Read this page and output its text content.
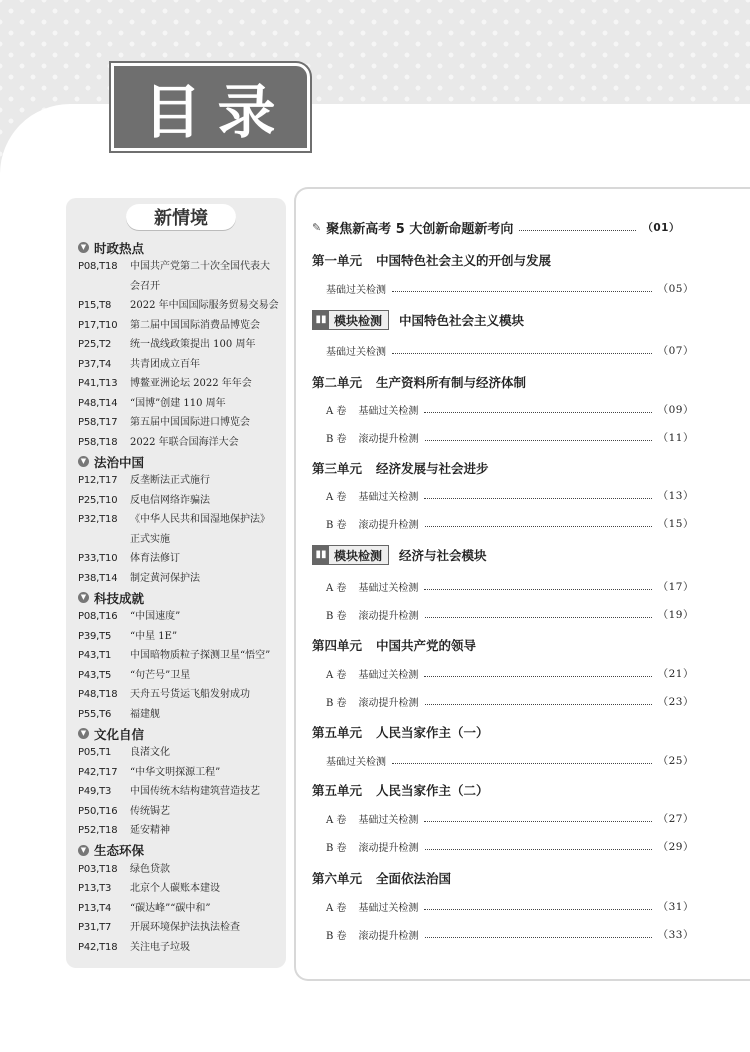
目录
新情境
▼ 时政热点
P08,T18	中国共产党第二十次全国代表大
会召开
P15,T8	2022 年中国国际服务贸易交易会
P17,T10	第二届中国国际消费品博览会
P25,T2	统一战线政策提出 100 周年
P37,T4	共青团成立百年
P41,T13	博鳌亚洲论坛 2022 年年会
P48,T14	“国博”创建 110 周年
P58,T17	第五届中国国际进口博览会
P58,T18	2022 年联合国海洋大会
▼ 法治中国
P12,T17	反垄断法正式施行
P25,T10	反电信网络诈骗法
P32,T18	《中华人民共和国湿地保护法》
正式实施
P33,T10	体育法修订
P38,T14	制定黄河保护法
▼ 科技成就
P08,T16	“中国速度”
P39,T5	“中星 1E”
P43,T1	中国暗物质粒子探测卫星“悟空”
P43,T5	“句芒号”卫星
P48,T18	天舟五号货运飞船发射成功
P55,T6	福建舰
▼ 文化自信
P05,T1	良渚文化
P42,T17	“中华文明探源工程”
P49,T3	中国传统木结构建筑营造技艺
P50,T16	传统锔艺
P52,T18	延安精神
▼ 生态环保
P03,T18	绿色贷款
P13,T3	北京个人碳账本建设
P13,T4	“碳达峰”“碳中和”
P31,T7	开展环境保护法执法检查
P42,T18	关注电子垃圾
✎ 聚焦新高考 5 大创新命题新考向	（01）
第一单元 中国特色社会主义的开创与发展
基础过关检测	（05）
▮▮ 模块检测 中国特色社会主义模块
基础过关检测	（07）
第二单元 生产资料所有制与经济体制
A 卷 基础过关检测	（09）
B 卷 滚动提升检测	（11）
第三单元 经济发展与社会进步
A 卷 基础过关检测	（13）
B 卷 滚动提升检测	（15）
▮▮ 模块检测 经济与社会模块
A 卷 基础过关检测	（17）
B 卷 滚动提升检测	（19）
第四单元 中国共产党的领导
A 卷 基础过关检测	（21）
B 卷 滚动提升检测	（23）
第五单元 人民当家作主（一）
基础过关检测	（25）
第五单元 人民当家作主（二）
A 卷 基础过关检测	（27）
B 卷 滚动提升检测	（29）
第六单元 全面依法治国
A 卷 基础过关检测	（31）
B 卷 滚动提升检测	（33）
